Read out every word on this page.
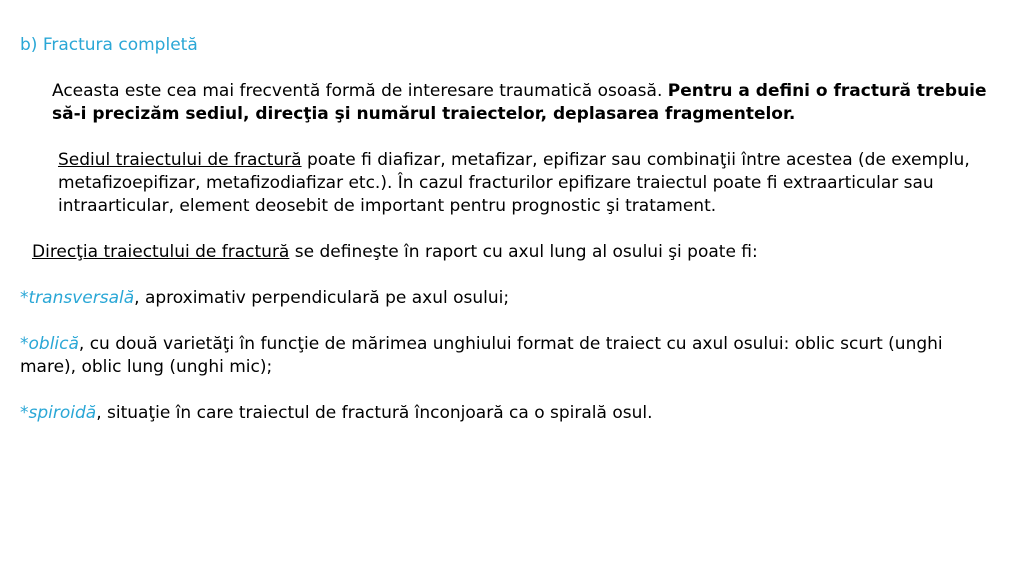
b) Fractura completă
Aceasta este cea mai frecventă formă de interesare traumatică osoasă. Pentru a defini o fractură trebuie să-i precizăm sediul, direcţia şi numărul traiectelor, deplasarea fragmentelor.
Sediul traiectului de fractură poate fi diafizar, metafizar, epifizar sau combinaţii între acestea (de exemplu, metafizoepifizar, metafizodiafizar etc.). În cazul fracturilor epifizare traiectul poate fi extraarticular sau intraarticular, element deosebit de important pentru prognostic şi tratament.
Direcţia traiectului de fractură se defineşte în raport cu axul lung al osului şi poate fi:
*transversală, aproximativ perpendiculară pe axul osului;
*oblică, cu două varietăţi în funcţie de mărimea unghiului format de traiect cu axul osului: oblic scurt (unghi mare), oblic lung (unghi mic);
*spiroidă, situaţie în care traiectul de fractură înconjoară ca o spirală osul.
